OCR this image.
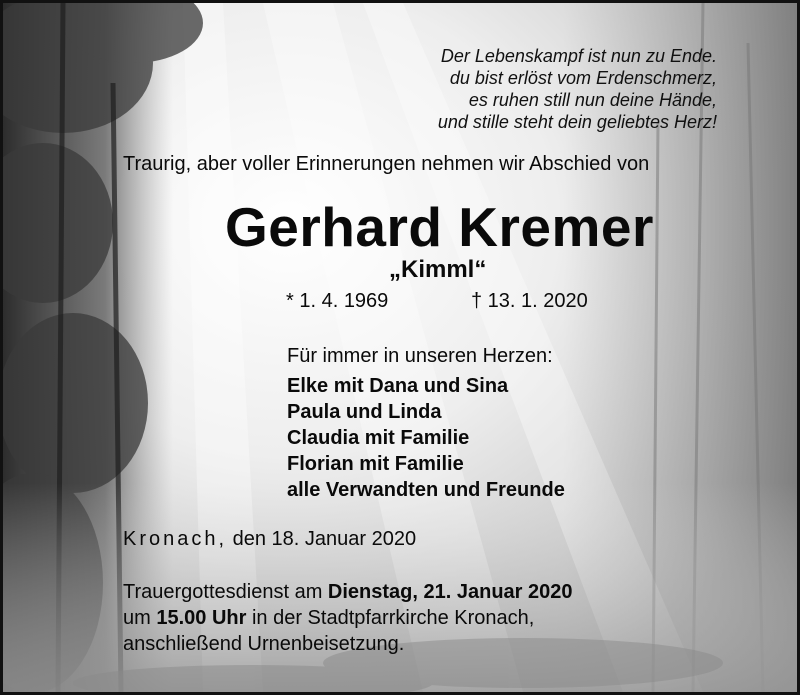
Der Lebenskampf ist nun zu Ende.
du bist erlöst vom Erdenschmerz,
es ruhen still nun deine Hände,
und stille steht dein geliebtes Herz!

Traurig, aber voller Erinnerungen nehmen wir Abschied von

Gerhard Kremer

„Kimml“

* 1. 4. 1969	† 13. 1. 2020

Für immer in unseren Herzen:

Elke mit Dana und Sina
Paula und Linda
Claudia mit Familie
Florian mit Familie
alle Verwandten und Freunde

Kronach, den 18. Januar 2020

Trauergottesdienst am Dienstag, 21. Januar 2020
um 15.00 Uhr in der Stadtpfarrkirche Kronach,
anschließend Urnenbeisetzung.
